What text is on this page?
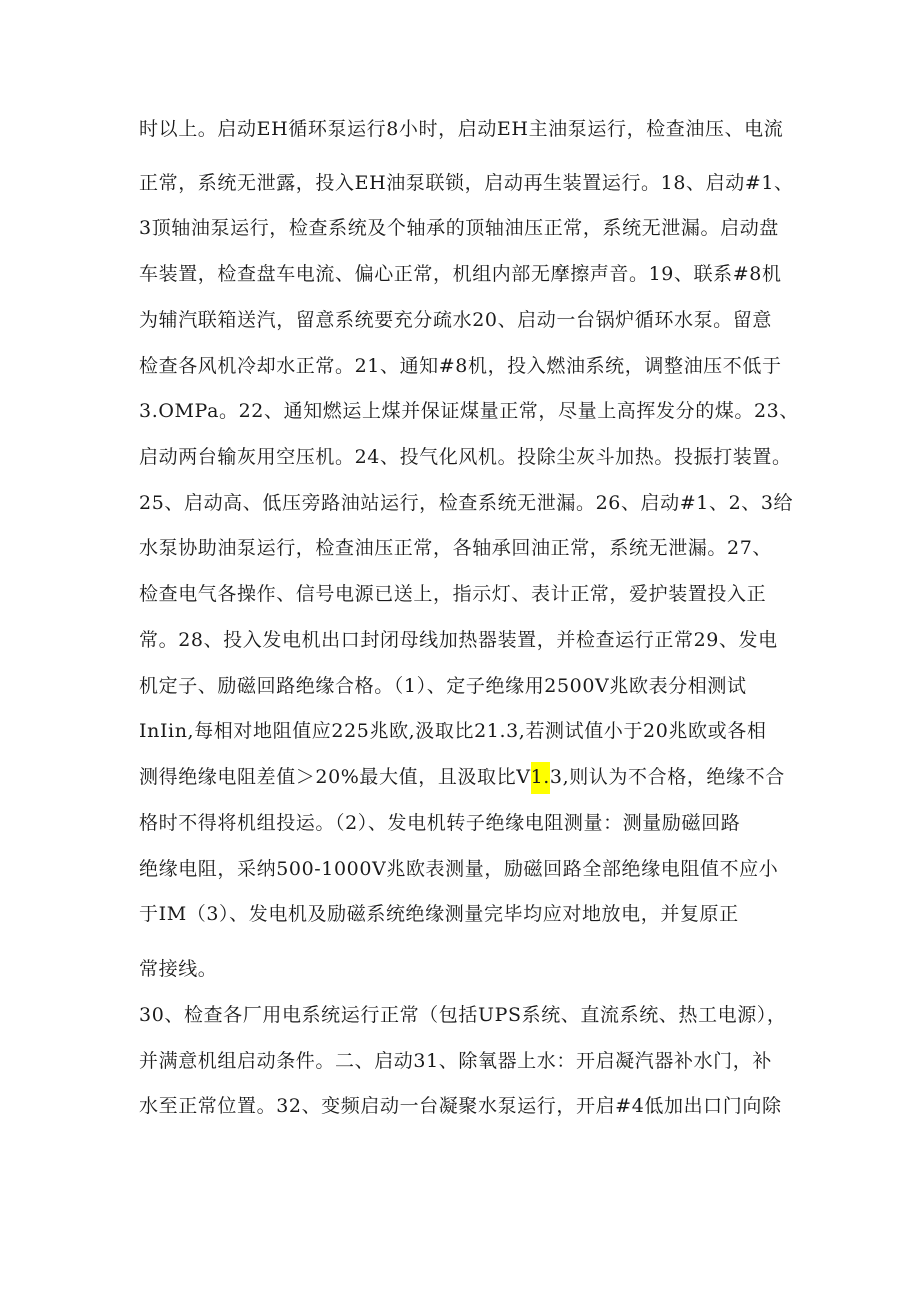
时以上。启动EH循环泵运行8小时，启动EH主油泵运行，检查油压、电流
正常，系统无泄露，投入EH油泵联锁，启动再生装置运行。18、启动#1、
3顶轴油泵运行，检查系统及个轴承的顶轴油压正常，系统无泄漏。启动盘
车装置，检查盘车电流、偏心正常，机组内部无摩擦声音。19、联系#8机
为辅汽联箱送汽，留意系统要充分疏水20、启动一台锅炉循环水泵。留意
检查各风机冷却水正常。21、通知#8机，投入燃油系统，调整油压不低于
3.OMPa。22、通知燃运上煤并保证煤量正常，尽量上高挥发分的煤。23、
启动两台输灰用空压机。24、投气化风机。投除尘灰斗加热。投振打装置。
25、启动高、低压旁路油站运行，检查系统无泄漏。26、启动#1、2、3给
水泵协助油泵运行，检查油压正常，各轴承回油正常，系统无泄漏。27、
检查电气各操作、信号电源已送上，指示灯、表计正常，爱护装置投入正
常。28、投入发电机出口封闭母线加热器装置，并检查运行正常29、发电
机定子、励磁回路绝缘合格。（1）、定子绝缘用2500V兆欧表分相测试
InIin,每相对地阻值应225兆欧,汲取比21.3,若测试值小于20兆欧或各相
测得绝缘电阻差值＞20%最大值，且汲取比V1.3,则认为不合格，绝缘不合
格时不得将机组投运。（2）、发电机转子绝缘电阻测量：测量励磁回路
绝缘电阻，采纳500-1000V兆欧表测量，励磁回路全部绝缘电阻值不应小
于IM（3）、发电机及励磁系统绝缘测量完毕均应对地放电，并复原正
常接线。
30、检查各厂用电系统运行正常（包括UPS系统、直流系统、热工电源），
并满意机组启动条件。二、启动31、除氧器上水：开启凝汽器补水门，补
水至正常位置。32、变频启动一台凝聚水泵运行，开启#4低加出口门向除
